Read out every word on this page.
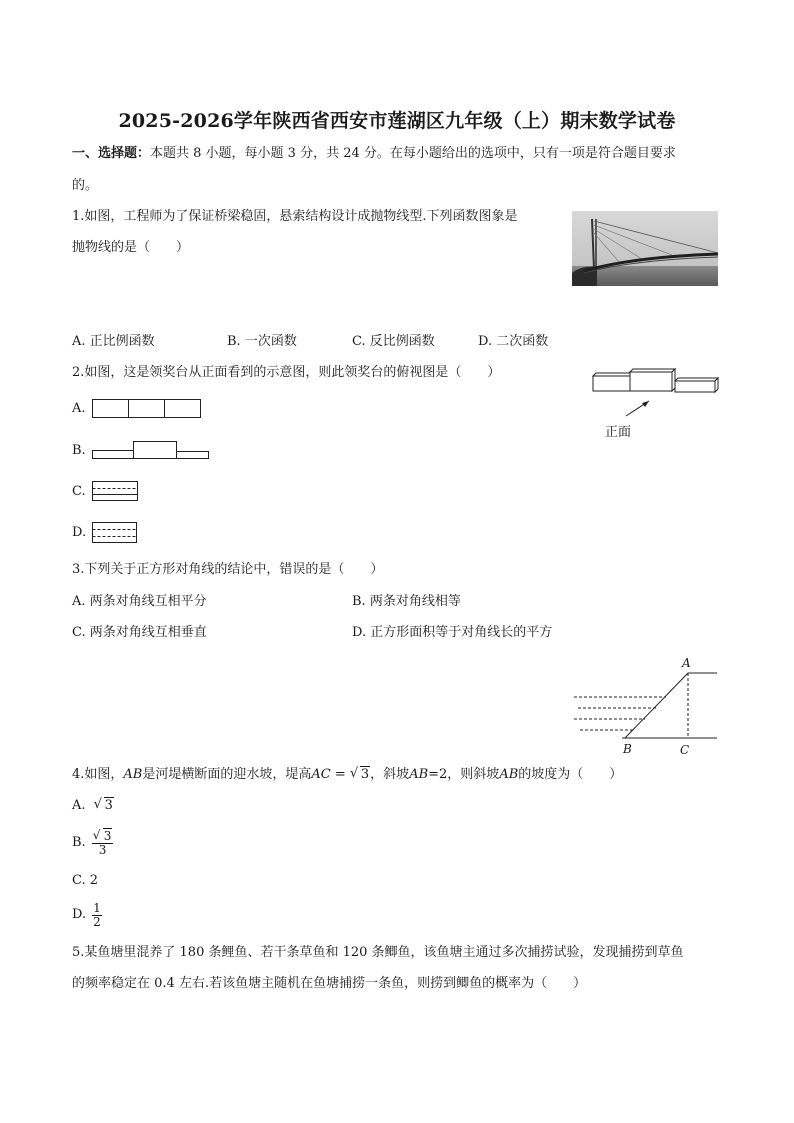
2025-2026学年陕西省西安市莲湖区九年级（上）期末数学试卷
一、选择题：本题共 8 小题，每小题 3 分，共 24 分。在每小题给出的选项中，只有一项是符合题目要求
的。
1.如图，工程师为了保证桥梁稳固，悬索结构设计成抛物线型.下列函数图象是
抛物线的是（　　）
A. 正比例函数	B. 一次函数	C. 反比例函数	D. 二次函数
2.如图，这是领奖台从正面看到的示意图，则此领奖台的俯视图是（　　）
正面
A.
B.
C.
D.
3.下列关于正方形对角线的结论中，错误的是（　　）
A. 两条对角线互相平分	B. 两条对角线相等
C. 两条对角线互相垂直	D. 正方形面积等于对角线长的平方
A
B	C
4.如图，AB是河堤横断面的迎水坡，堤高AC = √ 3，斜坡AB=2，则斜坡AB的坡度为（　　）
A. √ 3
B. √ $\frac{3}{3}$
C. 2
D. $\frac{1}{2}$
5.某鱼塘里混养了 180 条鲤鱼、若干条草鱼和 120 条鲫鱼，该鱼塘主通过多次捕捞试验，发现捕捞到草鱼
的频率稳定在 0.4 左右.若该鱼塘主随机在鱼塘捕捞一条鱼，则捞到鲫鱼的概率为（　　）
